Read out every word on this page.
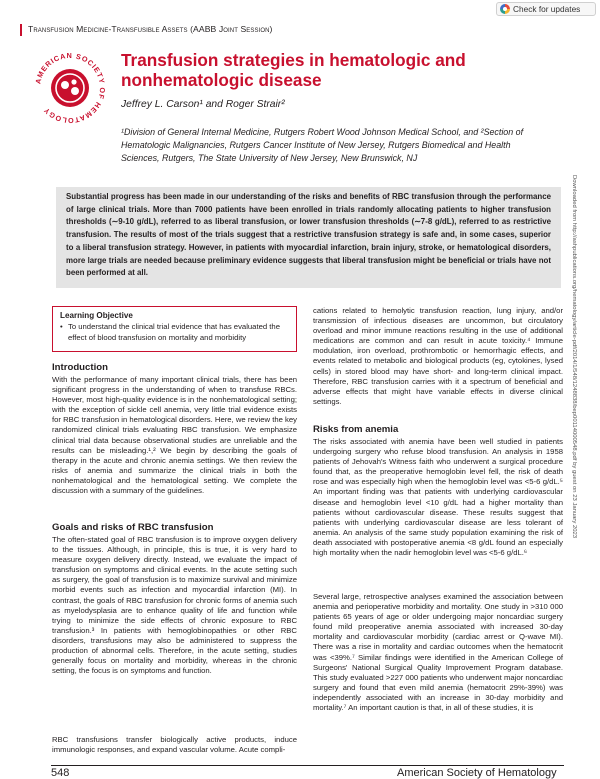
Transfusion Medicine-Transfusible Assets (AABB Joint Session)
Check for updates
AMERICAN SOCIETY OF HEMATOLOGY
Transfusion strategies in hematologic and nonhematologic disease
Jeffrey L. Carson¹ and Roger Strair²
¹Division of General Internal Medicine, Rutgers Robert Wood Johnson Medical School, and ²Section of Hematologic Malignancies, Rutgers Cancer Institute of New Jersey, Rutgers Biomedical and Health Sciences, Rutgers, The State University of New Jersey, New Brunswick, NJ
Substantial progress has been made in our understanding of the risks and benefits of RBC transfusion through the performance of large clinical trials. More than 7000 patients have been enrolled in trials randomly allocating patients to higher transfusion thresholds (∼9-10 g/dL), referred to as liberal transfusion, or lower transfusion thresholds (∼7-8 g/dL), referred to as restrictive transfusion. The results of most of the trials suggest that a restrictive transfusion strategy is safe and, in some cases, superior to a liberal transfusion strategy. However, in patients with myocardial infarction, brain injury, stroke, or hematological disorders, more large trials are needed because preliminary evidence suggests that liberal transfusion might be beneficial or trials have not been performed at all.
Learning Objective
• To understand the clinical trial evidence that has evaluated the effect of blood transfusion on mortality and morbidity
Introduction
With the performance of many important clinical trials, there has been significant progress in the understanding of when to transfuse RBCs. However, most high-quality evidence is in the nonhematological setting; with the exception of sickle cell anemia, very little trial evidence exists for RBC transfusion in hematological disorders. Here, we review the key randomized clinical trials evaluating RBC transfusion. We emphasize clinical trial data because observational studies are unreliable and the results can be misleading.¹,² We begin by describing the goals of therapy in the acute and chronic anemia settings. We then review the risks of anemia and summarize the clinical trials in both the nonhematological and the hematological setting. We complete the discussion with a summary of the guidelines.
Goals and risks of RBC transfusion
The often-stated goal of RBC transfusion is to improve oxygen delivery to the tissues. Although, in principle, this is true, it is very hard to measure oxygen delivery directly. Instead, we evaluate the impact of transfusion on symptoms and clinical events. In the acute setting such as surgery, the goal of transfusion is to maximize survival and minimize morbid events such as infection and myocardial infarction (MI). In contrast, the goals of RBC transfusion for chronic forms of anemia such as myelodysplasia are to enhance quality of life and function while trying to minimize the side effects of chronic exposure to RBC transfusion.³ In patients with hemoglobinopathies or other RBC disorders, transfusions may also be administered to suppress the production of abnormal cells. Therefore, in the acute setting, studies generally focus on mortality and morbidity, whereas in the chronic setting, the focus is on symptoms and function.
RBC transfusions transfer biologically active products, induce immunologic responses, and expand vascular volume. Acute compli-
cations related to hemolytic transfusion reaction, lung injury, and/or transmission of infectious diseases are uncommon, but circulatory overload and minor immune reactions resulting in the use of additional medications are common and can result in acute toxicity.⁴ Immune modulation, iron overload, prothrombotic or hemorrhagic effects, and events related to metabolic and biological products (eg, cytokines, lysed cells) in stored blood may have short- and long-term clinical impact. Therefore, RBC transfusion carries with it a spectrum of beneficial and adverse effects that might have variable effects in diverse clinical settings.
Risks from anemia
The risks associated with anemia have been well studied in patients undergoing surgery who refuse blood transfusion. An analysis in 1958 patients of Jehovah's Witness faith who underwent a surgical procedure found that, as the preoperative hemoglobin level fell, the risk of death rose and was especially high when the hemoglobin level was <5-6 g/dL.⁵ An important finding was that patients with underlying cardiovascular disease and hemoglobin level <10 g/dL had a higher mortality than patients without cardiovascular disease. These results suggest that patients with underlying cardiovascular disease are less tolerant of anemia. An analysis of the same study population examining the risk of death associated with postoperative anemia <8 g/dL found an especially high mortality when the nadir hemoglobin level was <5-6 g/dL.⁶
Several large, retrospective analyses examined the association between anemia and perioperative morbidity and mortality. One study in >310 000 patients 65 years of age or older undergoing major noncardiac surgery found mild preoperative anemia associated with increased 30-day mortality and cardiovascular morbidity (cardiac arrest or Q-wave MI). There was a rise in mortality and cardiac outcomes when the hematocrit was <39%.⁷ Similar findings were identified in the American College of Surgeons' National Surgical Quality Improvement Program database. This study evaluated >227 000 patients who underwent major noncardiac surgery and found that even mild anemia (hematocrit 29%-39%) was independently associated with an increase in 30-day morbidity and mortality.⁷ An important caution is that, in all of these studies, it is
548	American Society of Hematology
Downloaded from http://ashpublications.org/hematology/article-pdf/2014/1/548/1248838/bep00114000548.pdf by guest on 23 January 2023
